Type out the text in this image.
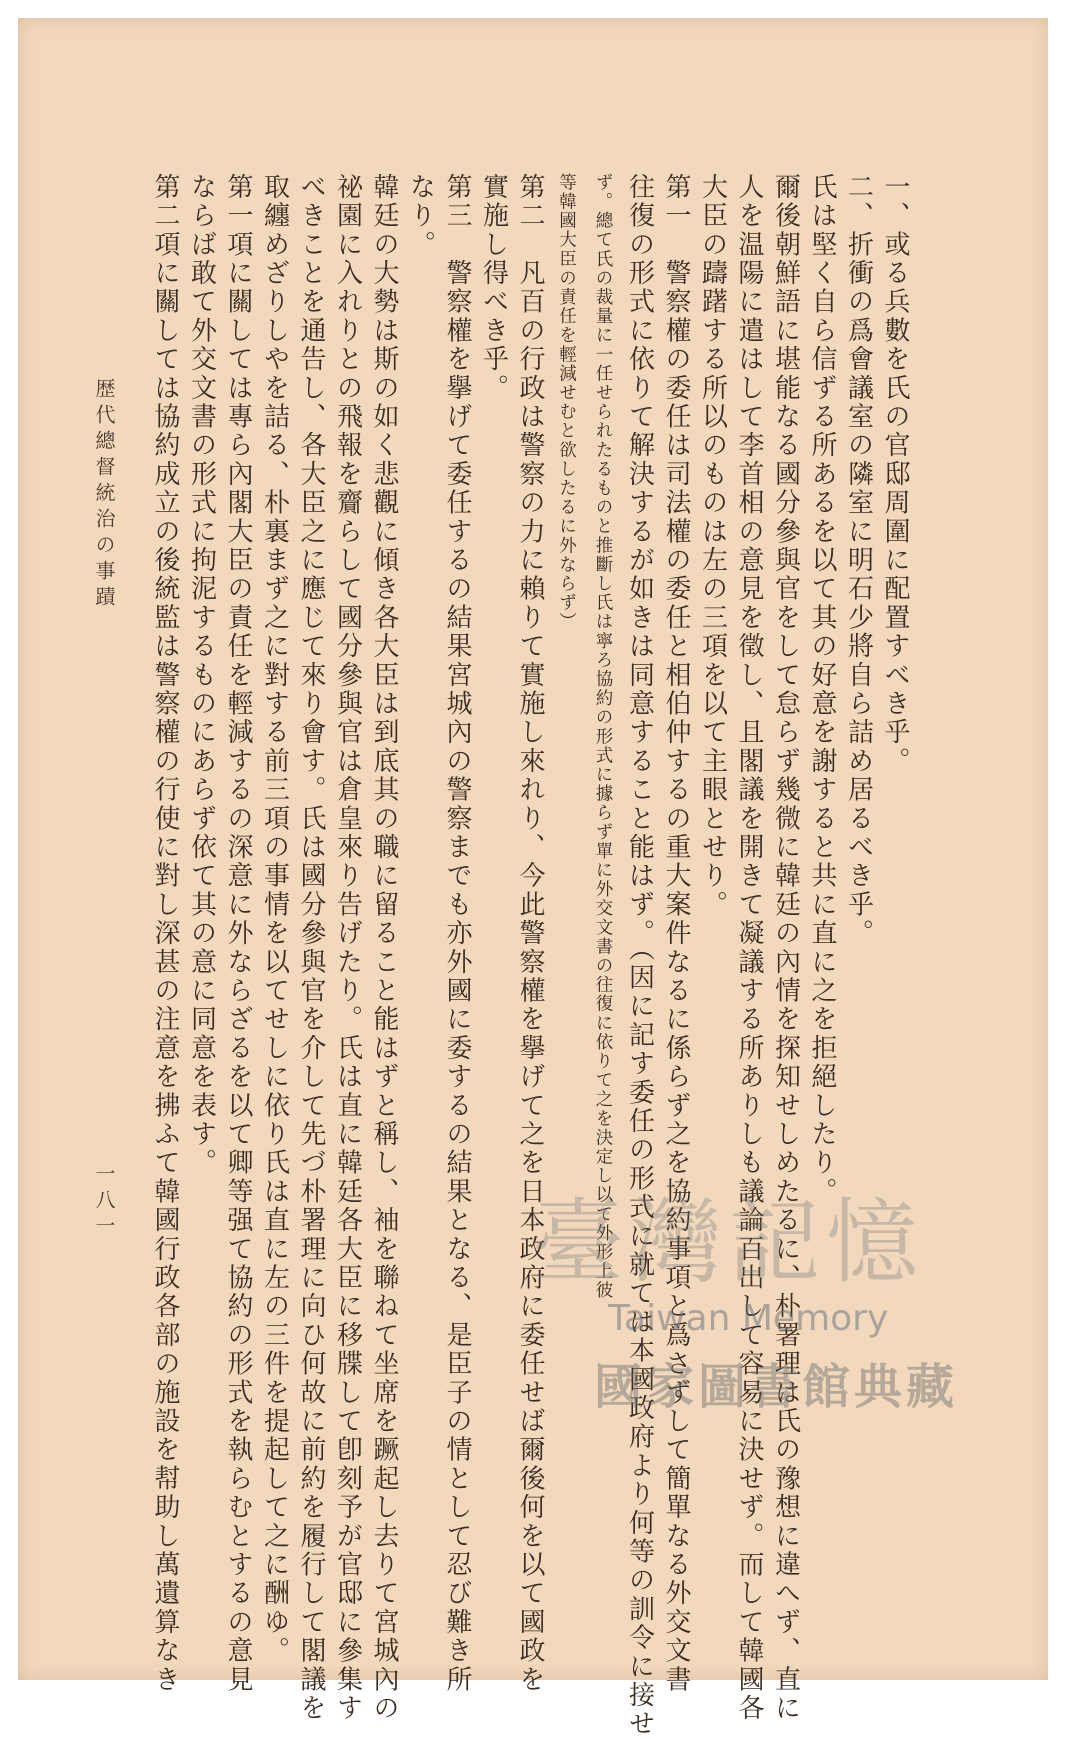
一、或る兵數を氏の官邸周圍に配置すべき乎。

二、折衝の爲會議室の隣室に明石少將自ら詰め居るべき乎。

氏は堅く自ら信ずる所あるを以て其の好意を謝すると共に直に之を拒絕したり。

爾後朝鮮語に堪能なる國分參與官をして怠らず幾微に韓廷の內情を探知せしめたるに、朴署理は氏の豫想に違へず、直に

人を温陽に遣はして李首相の意見を徵し、且閣議を開きて凝議する所ありしも議論百出して容易に決せず。而して韓國各

大臣の躊躇する所以のものは左の三項を以て主眼とせり。

第一　警察權の委任は司法權の委任と相伯仲するの重大案件なるに係らず之を協約事項と爲さずして簡單なる外交文書

往復の形式に依りて解決するが如きは同意すること能はず。（因に記す委任の形式に就ては本國政府より何等の訓令に接せ

ず。總て氏の裁量に一任せられたるものと推斷し氏は寧ろ協約の形式に據らず單に外交文書の往復に依りて之を決定し以て外形上彼

等韓國大臣の責任を輕減せむと欲したるに外ならず）

第二　凡百の行政は警察の力に賴りて實施し來れり、今此警察權を擧げて之を日本政府に委任せば爾後何を以て國政を

實施し得べき乎。

第三　警察權を擧げて委任するの結果宮城內の警察までも亦外國に委するの結果となる、是臣子の情として忍び難き所

なり。

韓廷の大勢は斯の如く悲觀に傾き各大臣は到底其の職に留ること能はずと稱し、袖を聯ねて坐席を蹶起し去りて宮城內の

祕園に入れりとの飛報を齎らして國分參與官は倉皇來り告げたり。氏は直に韓廷各大臣に移牒して卽刻予が官邸に參集す

べきことを通告し、各大臣之に應じて來り會す。氏は國分參與官を介して先づ朴署理に向ひ何故に前約を履行して閣議を

取纏めざりしやを詰る、朴裏まず之に對する前三項の事情を以てせしに依り氏は直に左の三件を提起して之に酬ゆ。

第一項に關しては專ら內閣大臣の責任を輕減するの深意に外ならざるを以て卿等强て協約の形式を執らむとするの意見

ならば敢て外交文書の形式に拘泥するものにあらず依て其の意に同意を表す。

第二項に關しては協約成立の後統監は警察權の行使に對し深甚の注意を拂ふて韓國行政各部の施設を幇助し萬遺算なき

歴代總督統治の事蹟
一八一	臺灣記憶
Taiwan Memory
國家圖書館典藏
